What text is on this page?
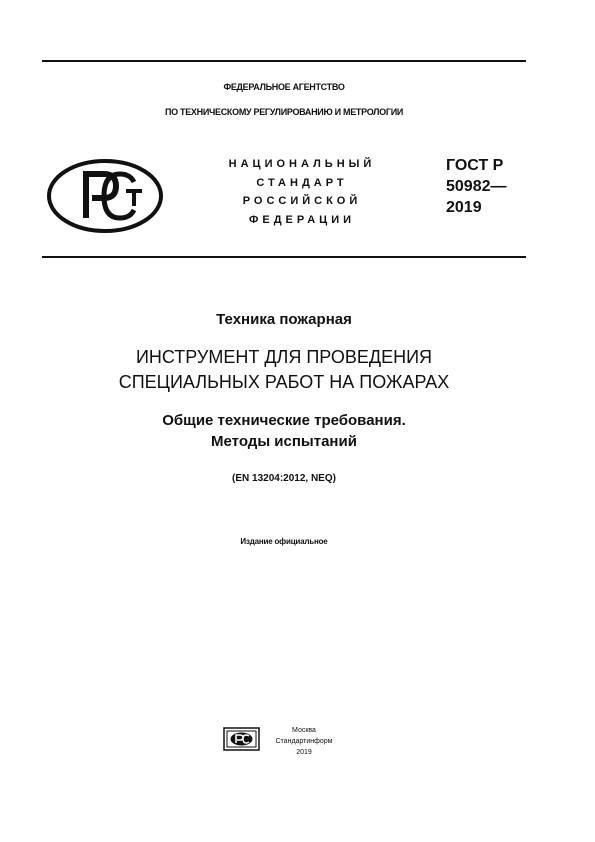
ФЕДЕРАЛЬНОЕ АГЕНТСТВО
ПО ТЕХНИЧЕСКОМУ РЕГУЛИРОВАНИЮ И МЕТРОЛОГИИ
НАЦИОНАЛЬНЫЙ
СТАНДАРТ
РОССИЙСКОЙ
ФЕДЕРАЦИИ
ГОСТ Р
50982—
2019
Техника пожарная
ИНСТРУМЕНТ ДЛЯ ПРОВЕДЕНИЯ
СПЕЦИАЛЬНЫХ РАБОТ НА ПОЖАРАХ
Общие технические требования.
Методы испытаний
(EN 13204:2012, NEQ)
Издание официальное
Москва
Стандартинформ
2019
